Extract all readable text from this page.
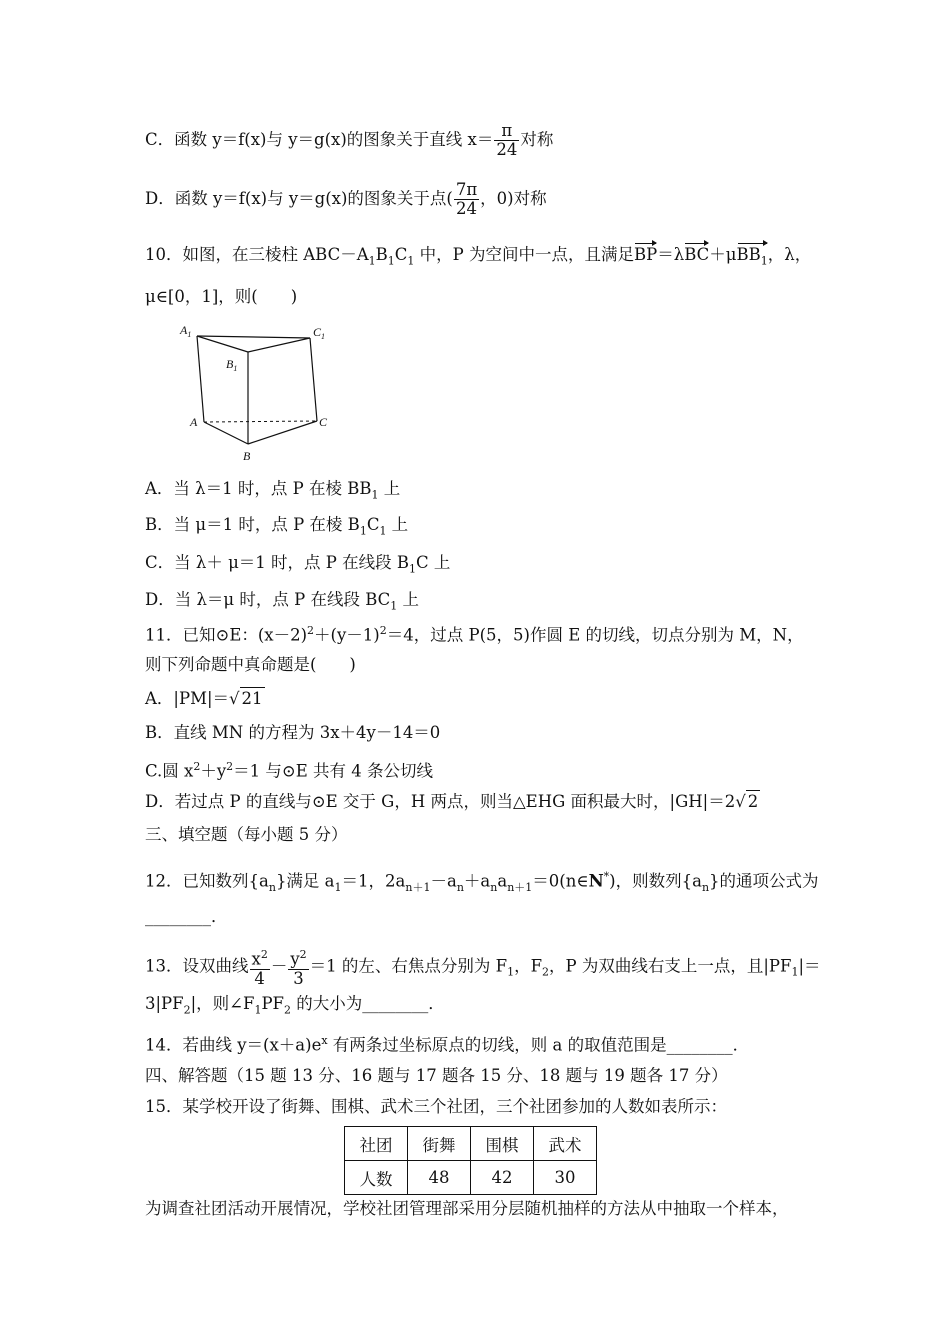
C．函数 y＝f(x)与 y＝g(x)的图象关于直线 $x= \frac{\pi}{24}$ 对称
D．函数 y＝f(x)与 y＝g(x)的图象关于点( $\frac{7\pi}{24}$ ，0)对称
10．如图，在三棱柱 $ABC-A_1B_1C_1$ 中，P 为空间中一点，且满足BP＝λBC＋μBB$_1$，λ，
μ∈[0，1]，则(　　)
$A_1$	$C_1$
$B_1$
A	C
B
A．当 λ＝1 时，点 P 在棱 $BB_1$ 上
B．当 μ＝1 时，点 P 在棱 $B_1C_1$ 上
C．当 λ＋ μ＝1 时，点 P 在线段 $B_1C$ 上
D．当 λ＝μ 时，点 P 在线段 $BC_1$ 上
11．已知⊙E：$(x-2)^2+(y-1)^2=4$，过点 P(5，5)作圆 E 的切线，切点分别为 M，N，
则下列命题中真命题是(　　)
A．|PM|＝√ 21
B．直线 MN 的方程为 3x＋4y－14＝0
C.圆 $x^2+y^2=1$ 与⊙E 共有 4 条公切线
D．若过点 P 的直线与⊙E 交于 G，H 两点，则当△EHG 面积最大时，|GH|＝2√ 2
三、填空题（每小题 5 分）
12．已知数列$\{a_n\}$满足 $a_1=1$，$2a_{n+1}-a_n+a_na_{n+1}=0(n\in N^*)$，则数列$\{a_n\}$的通项公式为
________．
13．设双曲线 $\frac{x^2}{4} - \frac{y^2}{3} =1$ 的左、右焦点分别为 $F_1$，$F_2$，P 为双曲线右支上一点，且$|PF_1|=$
$3|PF_2|$，则$\angle F_1PF_2$ 的大小为________．
14．若曲线 $y=(x+a)e^x$ 有两条过坐标原点的切线，则 a 的取值范围是________．
四、解答题（15 题 13 分、16 题与 17 题各 15 分、18 题与 19 题各 17 分）
15．某学校开设了街舞、围棋、武术三个社团，三个社团参加的人数如表所示：
社团	街舞	围棋	武术
人数	48	42	30
为调查社团活动开展情况，学校社团管理部采用分层随机抽样的方法从中抽取一个样本，
